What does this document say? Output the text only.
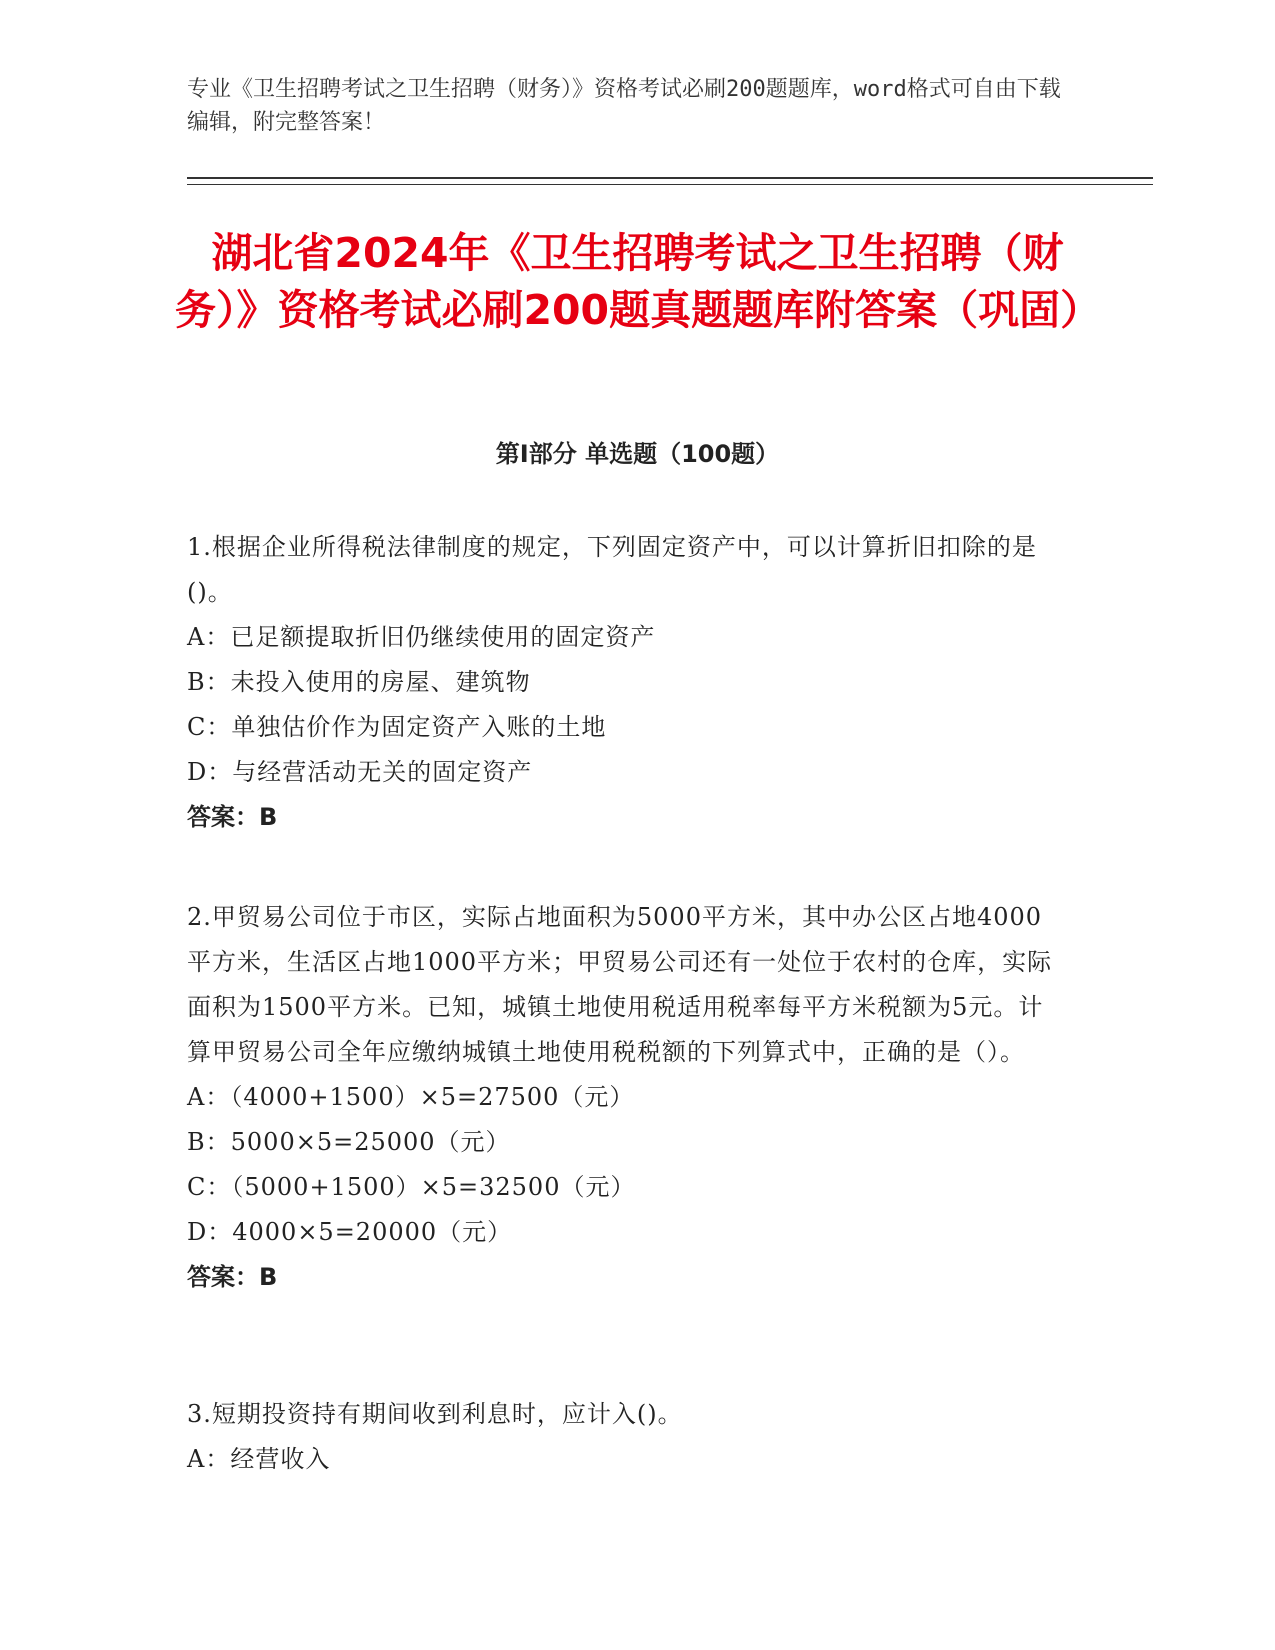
专业《卫生招聘考试之卫生招聘（财务）》资格考试必刷200题题库，word格式可自由下载编辑，附完整答案！
湖北省2024年《卫生招聘考试之卫生招聘（财务）》资格考试必刷200题真题题库附答案（巩固）
第Ⅰ部分 单选题（100题）
1.根据企业所得税法律制度的规定，下列固定资产中，可以计算折旧扣除的是()。
A：已足额提取折旧仍继续使用的固定资产
B：未投入使用的房屋、建筑物
C：单独估价作为固定资产入账的土地
D：与经营活动无关的固定资产
答案：B
2.甲贸易公司位于市区，实际占地面积为5000平方米，其中办公区占地4000平方米，生活区占地1000平方米；甲贸易公司还有一处位于农村的仓库，实际面积为1500平方米。已知，城镇土地使用税适用税率每平方米税额为5元。计算甲贸易公司全年应缴纳城镇土地使用税税额的下列算式中，正确的是（）。
A：（4000+1500）×5=27500（元）
B：5000×5=25000（元）
C：（5000+1500）×5=32500（元）
D：4000×5=20000（元）
答案：B
3.短期投资持有期间收到利息时，应计入()。
A：经营收入
